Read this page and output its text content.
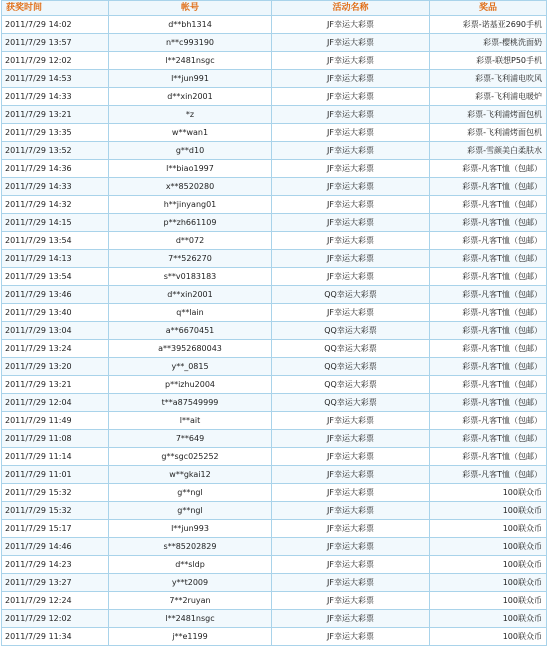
获奖时间	帐号	活动名称	奖品
2011/7/29 14:02	d**bh1314	JF幸运大彩票	彩票-诺基亚2690手机
2011/7/29 13:57	n**c993190	JF幸运大彩票	彩票-樱桃洗面奶
2011/7/29 12:02	l**2481nsgc	JF幸运大彩票	彩票-联想P50手机
2011/7/29 14:53	l**jun991	JF幸运大彩票	彩票-飞利浦电吹风
2011/7/29 14:33	d**xin2001	JF幸运大彩票	彩票-飞利浦电暖炉
2011/7/29 13:21	*z	JF幸运大彩票	彩票-飞利浦烤面包机
2011/7/29 13:35	w**wan1	JF幸运大彩票	彩票-飞利浦烤面包机
2011/7/29 13:52	g**d10	JF幸运大彩票	彩票-雪颜美白柔肤水
2011/7/29 14:36	l**biao1997	JF幸运大彩票	彩票-凡客T恤（包邮）
2011/7/29 14:33	x**8520280	JF幸运大彩票	彩票-凡客T恤（包邮）
2011/7/29 14:32	h**jinyang01	JF幸运大彩票	彩票-凡客T恤（包邮）
2011/7/29 14:15	p**zh661109	JF幸运大彩票	彩票-凡客T恤（包邮）
2011/7/29 13:54	d**072	JF幸运大彩票	彩票-凡客T恤（包邮）
2011/7/29 14:13	7**526270	JF幸运大彩票	彩票-凡客T恤（包邮）
2011/7/29 13:54	s**v0183183	JF幸运大彩票	彩票-凡客T恤（包邮）
2011/7/29 13:46	d**xin2001	QQ幸运大彩票	彩票-凡客T恤（包邮）
2011/7/29 13:40	q**lain	JF幸运大彩票	彩票-凡客T恤（包邮）
2011/7/29 13:04	a**6670451	QQ幸运大彩票	彩票-凡客T恤（包邮）
2011/7/29 13:24	a**3952680043	QQ幸运大彩票	彩票-凡客T恤（包邮）
2011/7/29 13:20	y**_0815	QQ幸运大彩票	彩票-凡客T恤（包邮）
2011/7/29 13:21	p**izhu2004	QQ幸运大彩票	彩票-凡客T恤（包邮）
2011/7/29 12:04	t**a87549999	QQ幸运大彩票	彩票-凡客T恤（包邮）
2011/7/29 11:49	l**ait	JF幸运大彩票	彩票-凡客T恤（包邮）
2011/7/29 11:08	7**649	JF幸运大彩票	彩票-凡客T恤（包邮）
2011/7/29 11:14	g**sgc025252	JF幸运大彩票	彩票-凡客T恤（包邮）
2011/7/29 11:01	w**gkai12	JF幸运大彩票	彩票-凡客T恤（包邮）
2011/7/29 15:32	g**ngl	JF幸运大彩票	100联众币
2011/7/29 15:32	g**ngl	JF幸运大彩票	100联众币
2011/7/29 15:17	l**jun993	JF幸运大彩票	100联众币
2011/7/29 14:46	s**85202829	JF幸运大彩票	100联众币
2011/7/29 14:23	d**sldp	JF幸运大彩票	100联众币
2011/7/29 13:27	y**t2009	JF幸运大彩票	100联众币
2011/7/29 12:24	7**2ruyan	JF幸运大彩票	100联众币
2011/7/29 12:02	l**2481nsgc	JF幸运大彩票	100联众币
2011/7/29 11:34	j**e1199	JF幸运大彩票	100联众币
